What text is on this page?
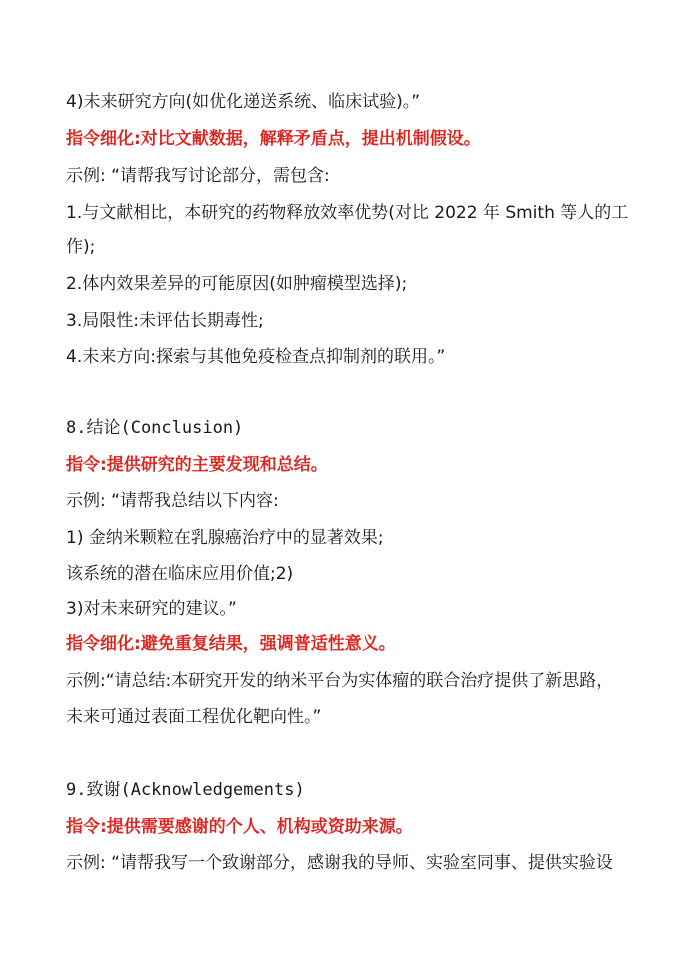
4)未来研究方向(如优化递送系统、临床试验)。”
指令细化:对比文献数据，解释矛盾点，提出机制假设。
示例: “请帮我写讨论部分，需包含:
1.与文献相比，本研究的药物释放效率优势(对比 2022 年 Smith 等人的工
作);
2.体内效果差异的可能原因(如肿瘤模型选择);
3.局限性:未评估长期毒性;
4.未来方向:探索与其他免疫检查点抑制剂的联用。”
8.结论(Conclusion)
指令:提供研究的主要发现和总结。
示例: “请帮我总结以下内容:
1) 金纳米颗粒在乳腺癌治疗中的显著效果;
该系统的潜在临床应用价值;2)
3)对未来研究的建议。”
指令细化:避免重复结果，强调普适性意义。
示例:“请总结:本研究开发的纳米平台为实体瘤的联合治疗提供了新思路，
未来可通过表面工程优化靶向性。”
9.致谢(Acknowledgements)
指令:提供需要感谢的个人、机构或资助来源。
示例: “请帮我写一个致谢部分，感谢我的导师、实验室同事、提供实验设
